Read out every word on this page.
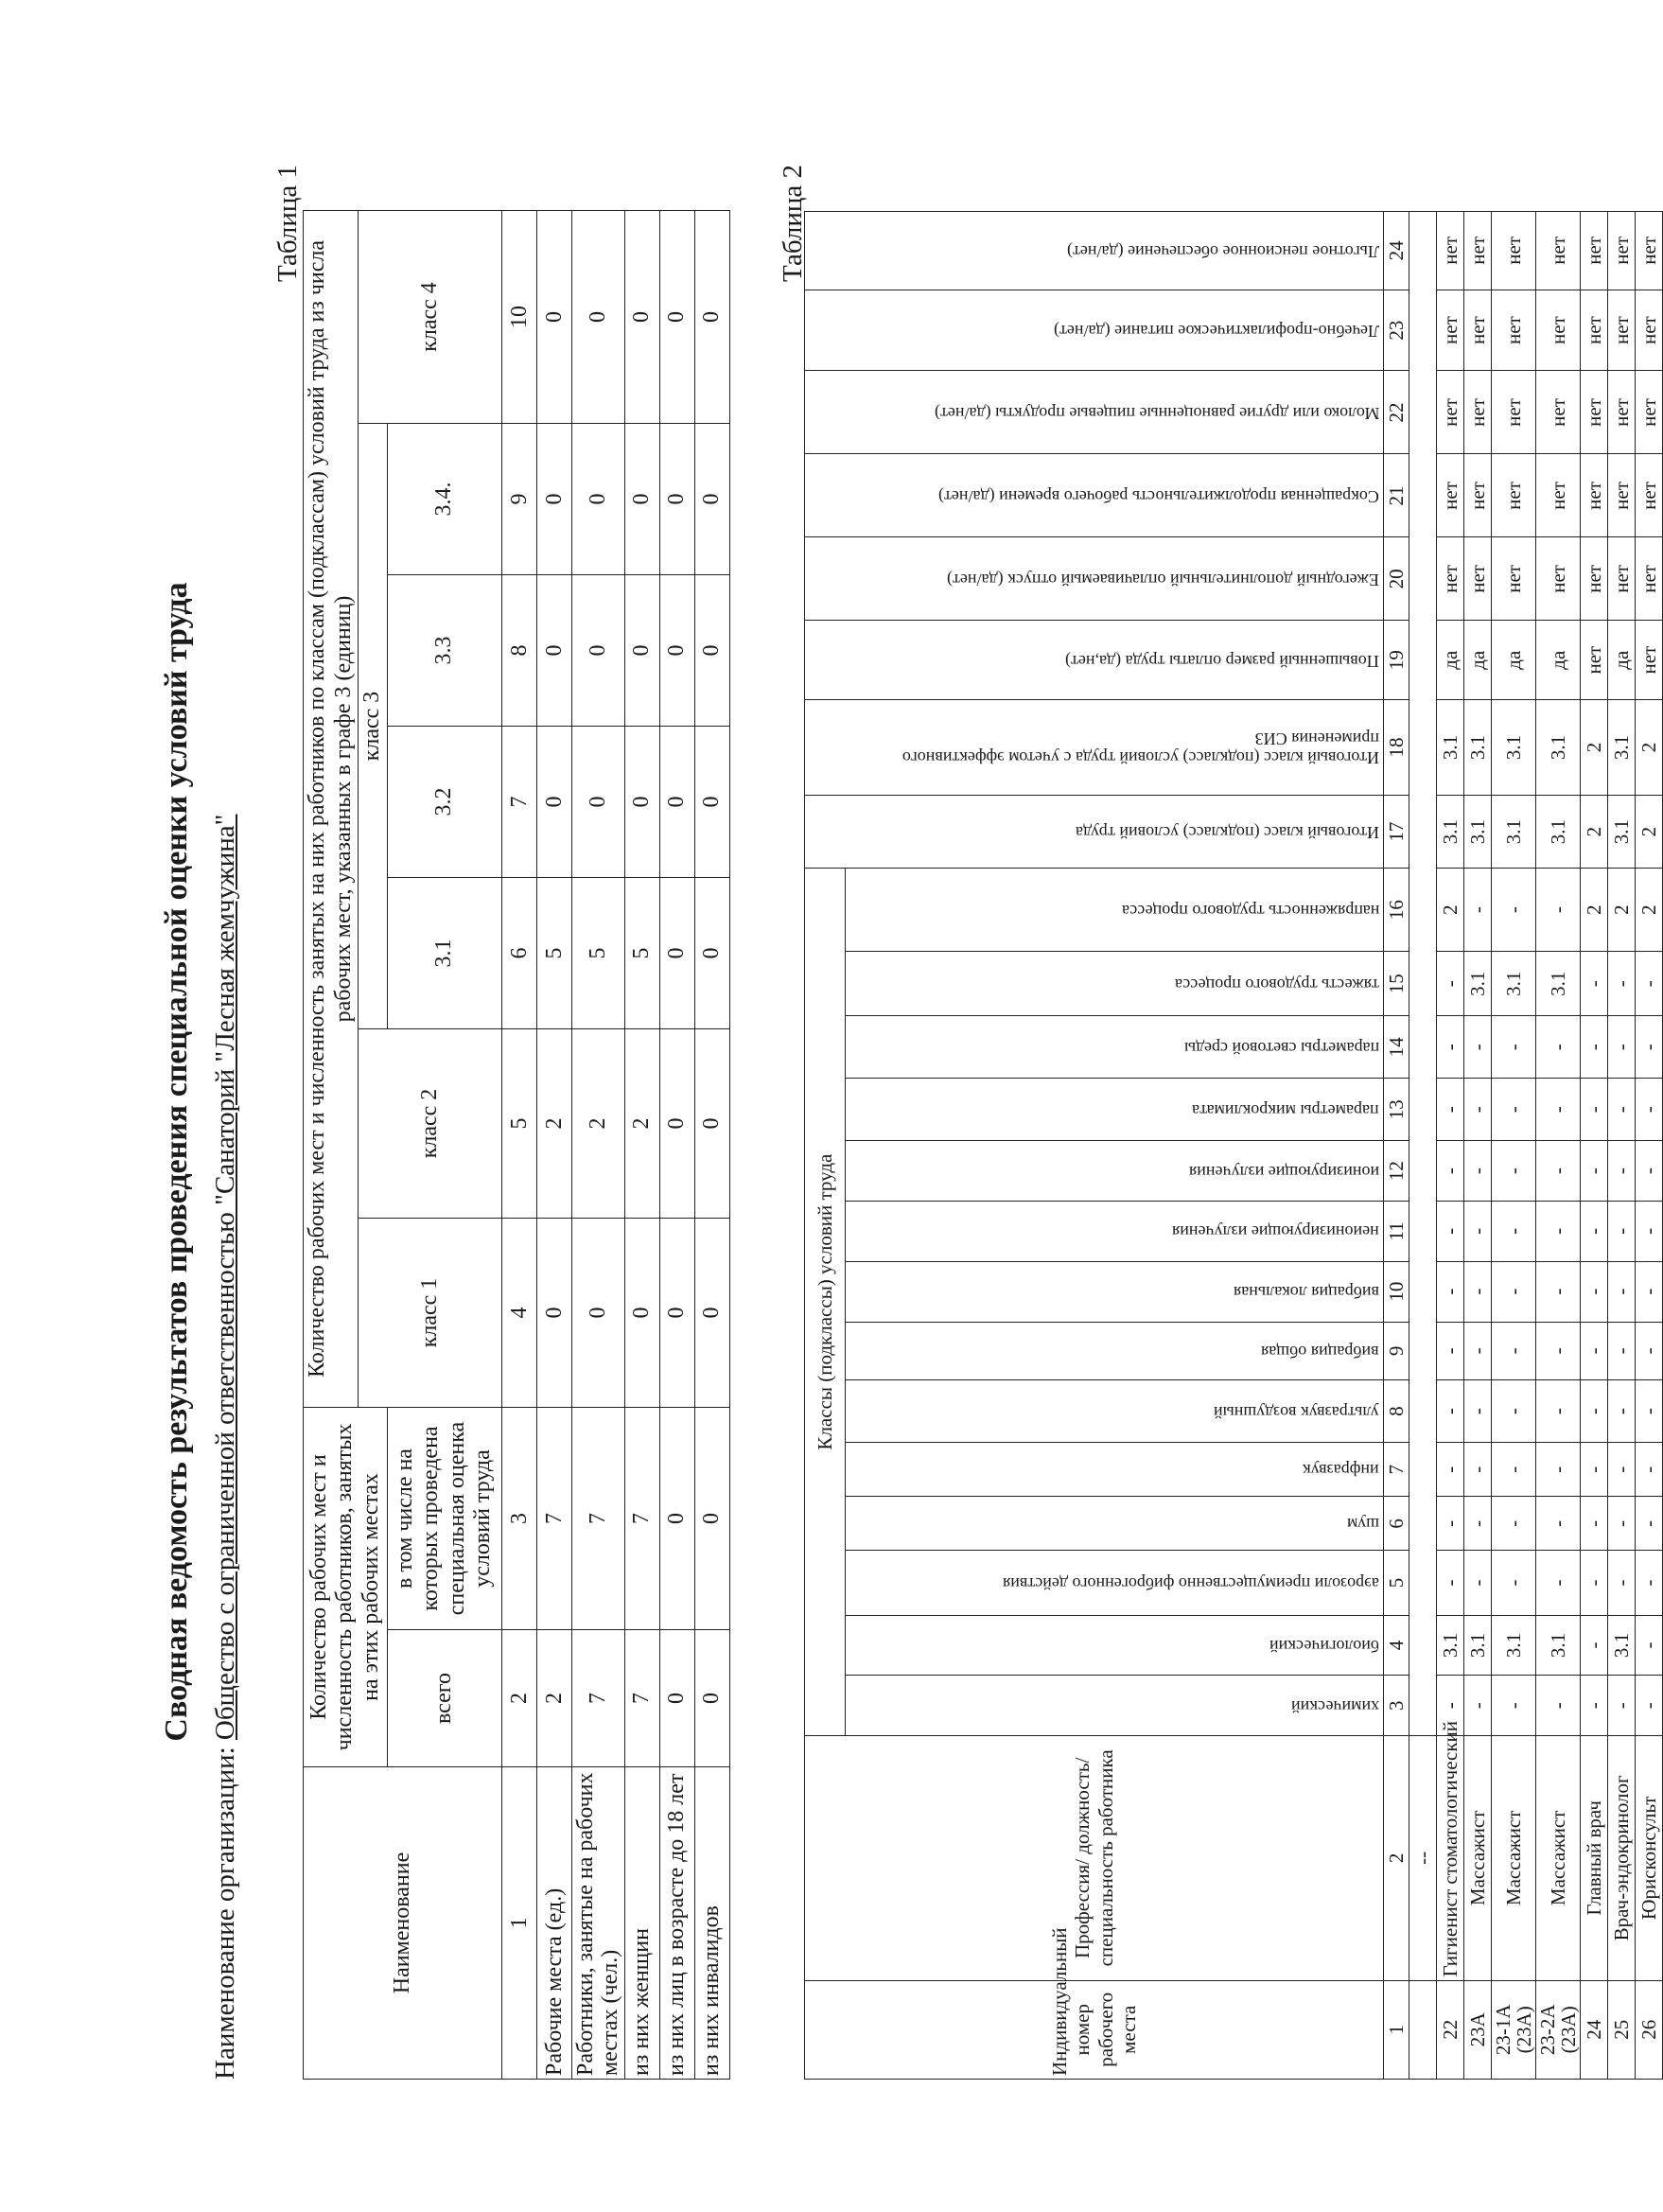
Сводная ведомость результатов проведения специальной оценки условий труда
Наименование организации: Общество с ограниченной ответственностью "Санаторий "Лесная жемчужина"
Таблица 1
Наименование	Количество рабочих мест и численность работников, занятых на этих рабочих местах		Количество рабочих мест и численность занятых на них работников по классам (подклассам) условий труда из числа рабочих мест, указанных в графе 3 (единиц)						
			класс 1	класс 2	класс 3				класс 4
	всего	в том числе на которых проведена специальная оценка условий труда			3.1	3.2	3.3	3.4.	
1	2	3	4	5	6	7	8	9	10
Рабочие места (ед.)	2	7	0	2	5	0	0	0	0
Работники, занятые на рабочих местах (чел.)	7	7	0	2	5	0	0	0	0
из них женщин	7	7	0	2	5	0	0	0	0
из них лиц в возрасте до 18 лет	0	0	0	0	0	0	0	0	0
из них инвалидов	0	0	0	0	0	0	0	0	0
Таблица 2
Индивидуальный номер рабочего места	Профессия/ должность/ специальность работника	Классы (подклассы) условий труда														Итоговый класс (подкласс) условий труда	Итоговый класс (подкласс) условий труда с учетом эффективного применения СИЗ	Повышенный размер оплаты труда (да,нет)	Ежегодный дополнительный оплачиваемый отпуск (да/нет)	Сокращенная продолжительность рабочего времени (да/нет)	Молоко или другие равноценные пищевые продукты (да/нет)	Лечебно-профилактическое питание (да/нет)	Льготное пенсионное обеспечение (да/нет)

		химический	биологический	аэрозоли преимущественно фиброгенного действия	шум	инфразвук	ультразвук воздушный	вибрация общая	вибрация локальная	неионизирующие излучения	ионизирующие излучения	параметры микроклимата	параметры световой среды	тяжесть трудового процесса	напряженность трудового процесса								

1	2	3	4	5	6	7	8	9	10	11	12	13	14	15	16	17	18	19	20	21	22	23	24
	--																						
22	Гигиенист стоматологический	-	3.1	-	-	-	-	-	-	-	-	-	-	-	2	3.1	3.1	да	нет	нет	нет	нет	нет
23А	Массажист	-	3.1	-	-	-	-	-	-	-	-	-	-	3.1	-	3.1	3.1	да	нет	нет	нет	нет	нет
23-1А (23А)	Массажист	-	3.1	-	-	-	-	-	-	-	-	-	-	3.1	-	3.1	3.1	да	нет	нет	нет	нет	нет
23-2А (23А)	Массажист	-	3.1	-	-	-	-	-	-	-	-	-	-	3.1	-	3.1	3.1	да	нет	нет	нет	нет	нет
24	Главный врач	-	-	-	-	-	-	-	-	-	-	-	-	-	2	2	2	нет	нет	нет	нет	нет	нет
25	Врач-эндокринолог	-	3.1	-	-	-	-	-	-	-	-	-	-	-	2	3.1	3.1	да	нет	нет	нет	нет	нет
26	Юрисконсульт	-	-	-	-	-	-	-	-	-	-	-	-	-	2	2	2	нет	нет	нет	нет	нет	нет
